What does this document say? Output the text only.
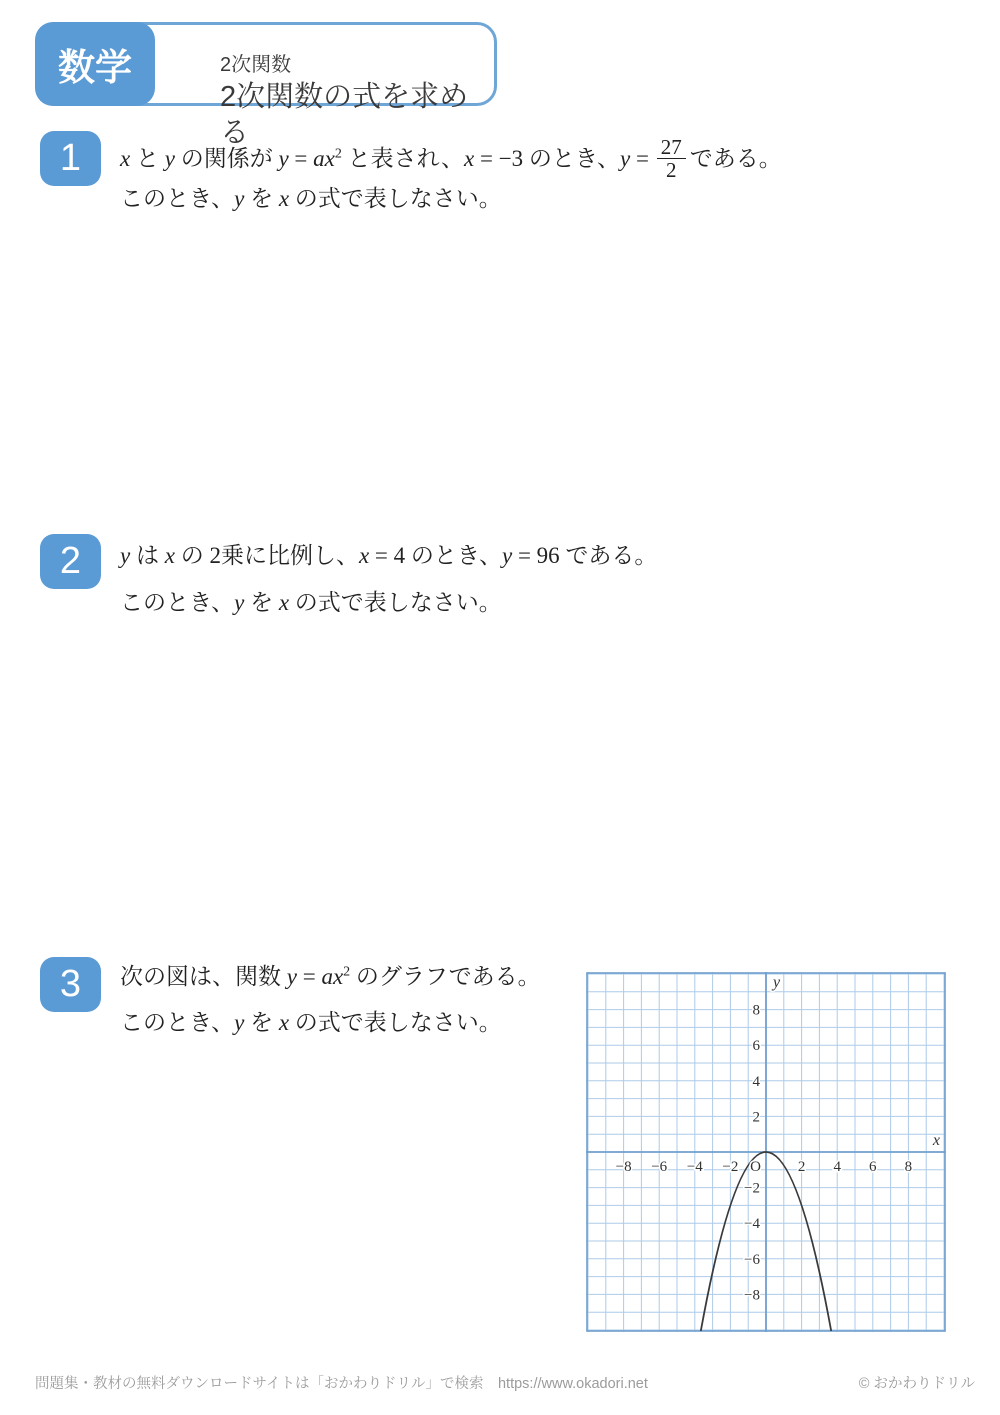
2次関数
2次関数の式を求める
数学
1	x と y の関係が $y = ax^2$ と表され、x = −3 のとき、$y = \frac{27}{2}$ である。
このとき、y を x の式で表しなさい。
2	y は x の 2乗に比例し、x = 4 のとき、y = 96 である。
このとき、y を x の式で表しなさい。
3	次の図は、関数 $y = ax^2$ のグラフである。
このとき、y を x の式で表しなさい。
−8 −6 −4 −2	2 4 6 8
8
6
4
2
−2
−4
−6
−8
O
y
x
問題集・教材の無料ダウンロードサイトは「おかわりドリル」で検索　https://www.okadori.net	© おかわりドリル
